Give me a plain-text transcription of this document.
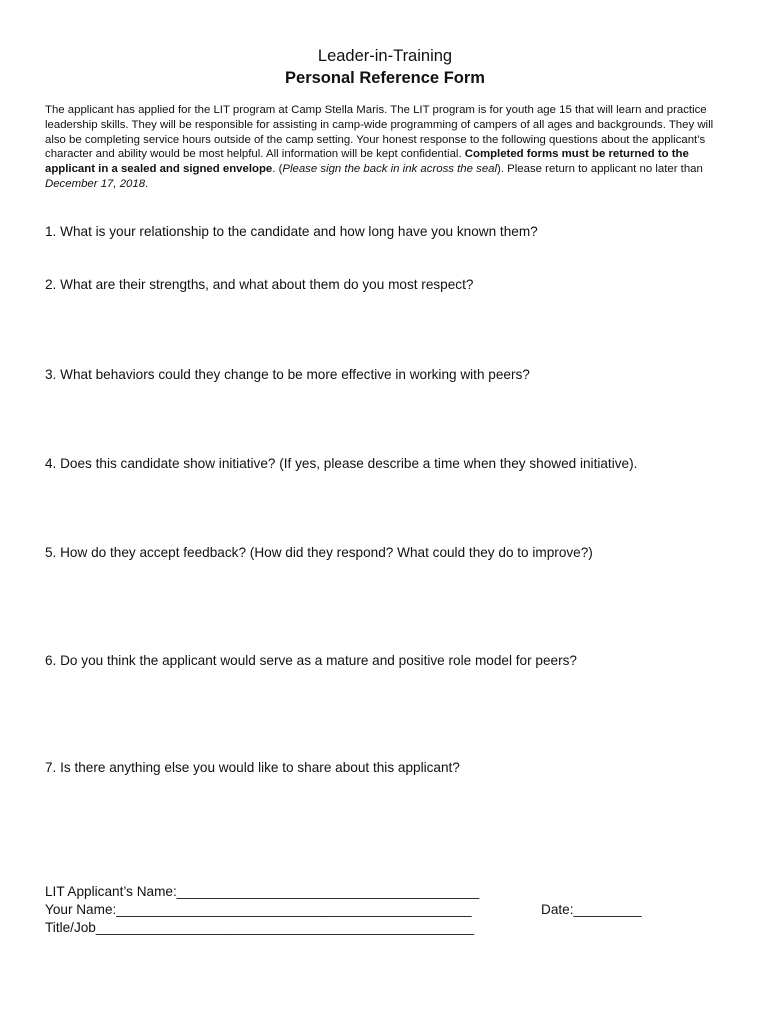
Leader-in-Training
Personal Reference Form
The applicant has applied for the LIT program at Camp Stella Maris. The LIT program is for youth age 15 that will learn and practice leadership skills. They will be responsible for assisting in camp-wide programming of campers of all ages and backgrounds. They will also be completing service hours outside of the camp setting. Your honest response to the following questions about the applicant’s character and ability would be most helpful. All information will be kept confidential. Completed forms must be returned to the applicant in a sealed and signed envelope. (Please sign the back in ink across the seal). Please return to applicant no later than December 17, 2018.
1. What is your relationship to the candidate and how long have you known them?
2. What are their strengths, and what about them do you most respect?
3. What behaviors could they change to be more effective in working with peers?
4. Does this candidate show initiative? (If yes, please describe a time when they showed initiative).
5. How do they accept feedback? (How did they respond? What could they do to improve?)
6. Do you think the applicant would serve as a mature and positive role model for peers?
7. Is there anything else you would like to share about this applicant?
LIT Applicant’s Name:________________________________________
Your Name:_______________________________________________	Date:_________
Title/Job__________________________________________________
